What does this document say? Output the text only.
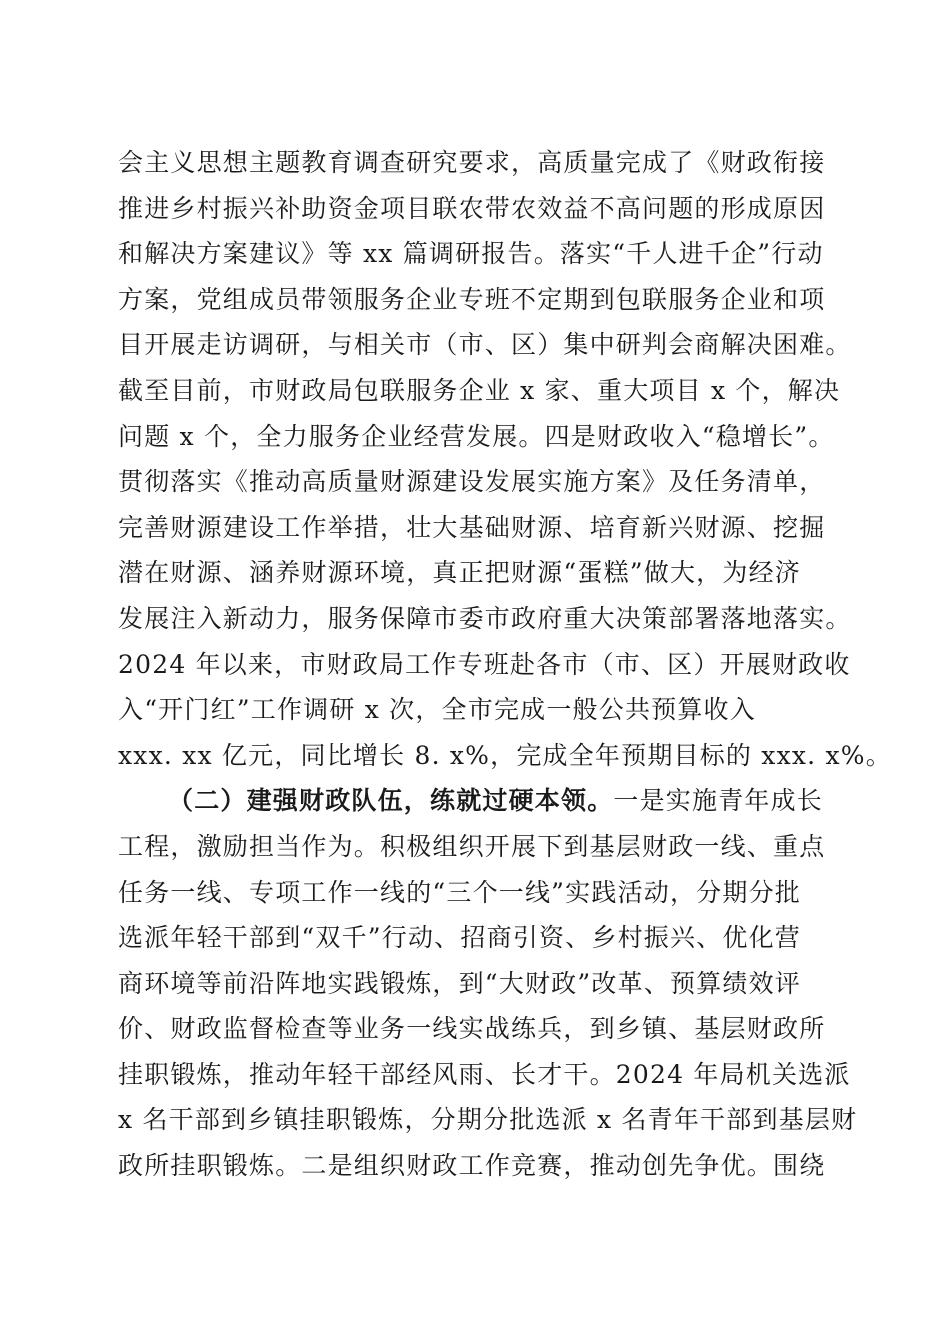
会主义思想主题教育调查研究要求，高质量完成了《财政衔接
推进乡村振兴补助资金项目联农带农效益不高问题的形成原因
和解决方案建议》等 xx 篇调研报告。落实“千人进千企”行动
方案，党组成员带领服务企业专班不定期到包联服务企业和项
目开展走访调研，与相关市（市、区）集中研判会商解决困难。
截至目前，市财政局包联服务企业 x 家、重大项目 x 个，解决
问题 x 个，全力服务企业经营发展。四是财政收入“稳增长”。
贯彻落实《推动高质量财源建设发展实施方案》及任务清单，
完善财源建设工作举措，壮大基础财源、培育新兴财源、挖掘
潜在财源、涵养财源环境，真正把财源“蛋糕”做大，为经济
发展注入新动力，服务保障市委市政府重大决策部署落地落实。
2024 年以来，市财政局工作专班赴各市（市、区）开展财政收
入“开门红”工作调研 x 次，全市完成一般公共预算收入
xxx. xx 亿元，同比增长 8. x%，完成全年预期目标的 xxx. x%。
（二）建强财政队伍，练就过硬本领。一是实施青年成长
工程，激励担当作为。积极组织开展下到基层财政一线、重点
任务一线、专项工作一线的“三个一线”实践活动，分期分批
选派年轻干部到“双千”行动、招商引资、乡村振兴、优化营
商环境等前沿阵地实践锻炼，到“大财政”改革、预算绩效评
价、财政监督检查等业务一线实战练兵，到乡镇、基层财政所
挂职锻炼，推动年轻干部经风雨、长才干。2024 年局机关选派
x 名干部到乡镇挂职锻炼，分期分批选派 x 名青年干部到基层财
政所挂职锻炼。二是组织财政工作竞赛，推动创先争优。围绕
